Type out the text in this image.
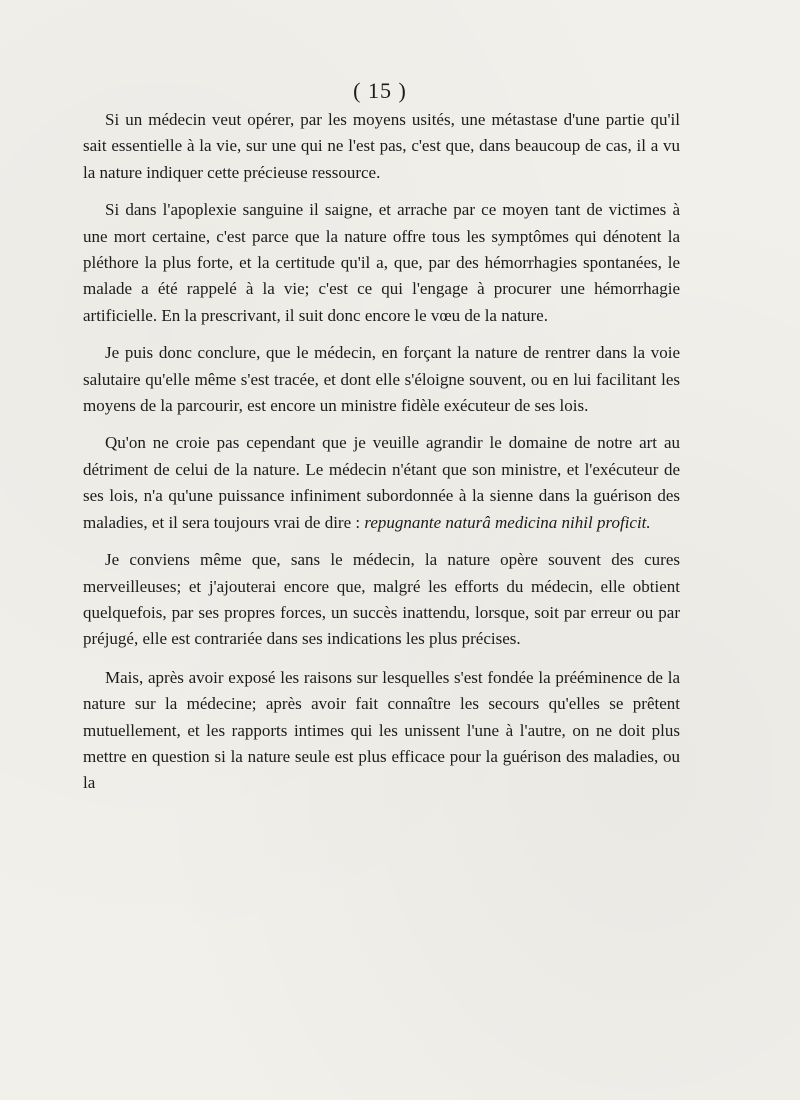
( 15 )

Si un médecin veut opérer, par les moyens usités, une métastase d'une partie qu'il sait essentielle à la vie, sur une qui ne l'est pas, c'est que, dans beaucoup de cas, il a vu la nature indiquer cette précieuse ressource.

Si dans l'apoplexie sanguine il saigne, et arrache par ce moyen tant de victimes à une mort certaine, c'est parce que la nature offre tous les symptômes qui dénotent la pléthore la plus forte, et la certitude qu'il a, que, par des hémorrhagies spontanées, le malade a été rappelé à la vie; c'est ce qui l'engage à procurer une hémorrhagie artificielle. En la prescrivant, il suit donc encore le vœu de la nature.

Je puis donc conclure, que le médecin, en forçant la nature de rentrer dans la voie salutaire qu'elle même s'est tracée, et dont elle s'éloigne souvent, ou en lui facilitant les moyens de la parcourir, est encore un ministre fidèle exécuteur de ses lois.

Qu'on ne croie pas cependant que je veuille agrandir le domaine de notre art au détriment de celui de la nature. Le médecin n'étant que son ministre, et l'exécuteur de ses lois, n'a qu'une puissance infiniment subordonnée à la sienne dans la guérison des maladies, et il sera toujours vrai de dire : repugnante naturâ medicina nihil proficit.

Je conviens même que, sans le médecin, la nature opère souvent des cures merveilleuses; et j'ajouterai encore que, malgré les efforts du médecin, elle obtient quelquefois, par ses propres forces, un succès inattendu, lorsque, soit par erreur ou par préjugé, elle est contrariée dans ses indications les plus précises.

Mais, après avoir exposé les raisons sur lesquelles s'est fondée la prééminence de la nature sur la médecine; après avoir fait connaître les secours qu'elles se prêtent mutuellement, et les rapports intimes qui les unissent l'une à l'autre, on ne doit plus mettre en question si la nature seule est plus efficace pour la guérison des maladies, ou la
